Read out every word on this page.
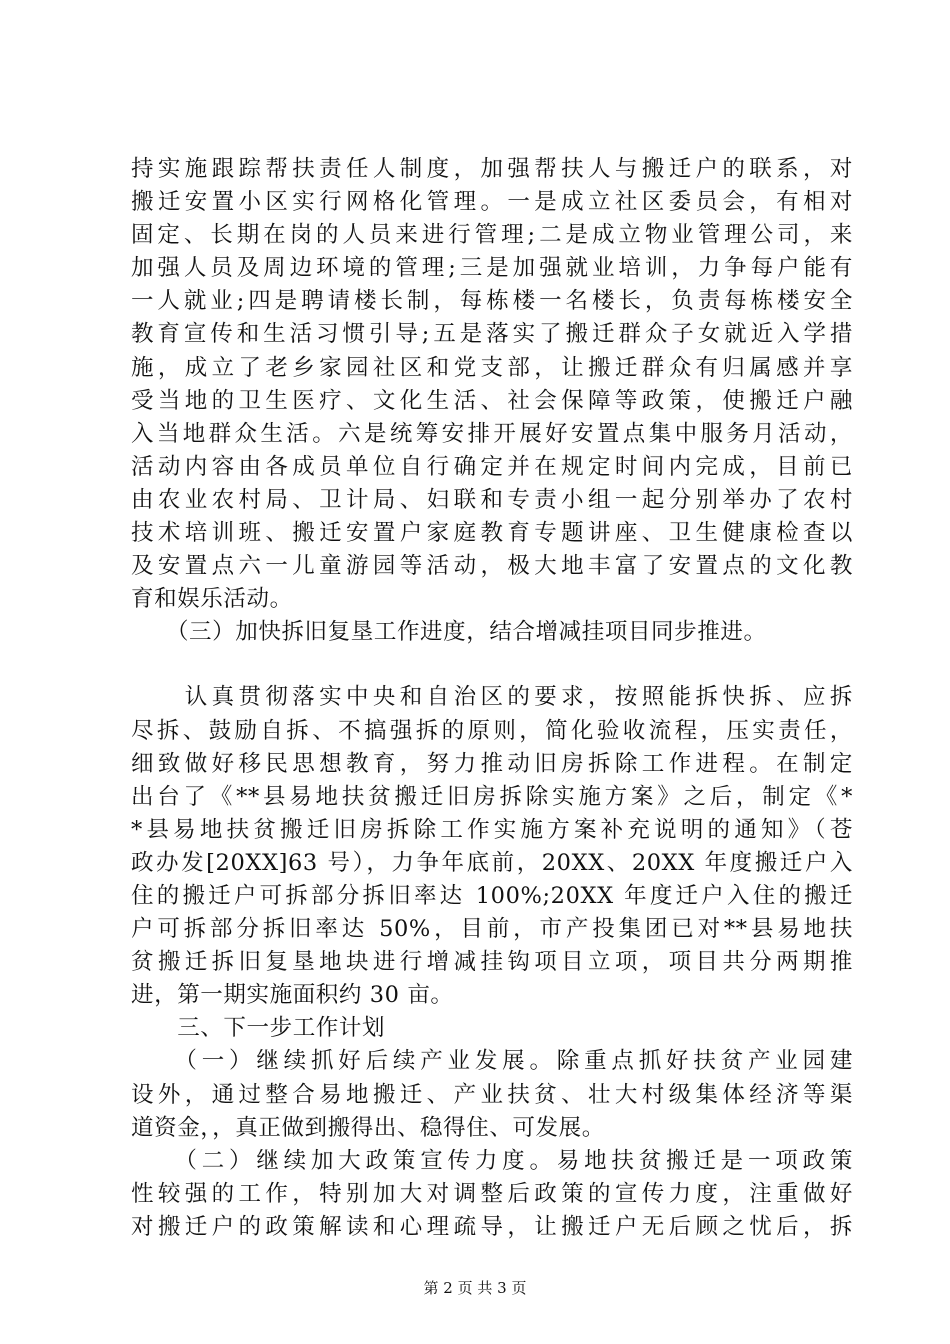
持实施跟踪帮扶责任人制度，加强帮扶人与搬迁户的联系，对
搬迁安置小区实行网格化管理。一是成立社区委员会，有相对
固定、长期在岗的人员来进行管理;二是成立物业管理公司，来
加强人员及周边环境的管理;三是加强就业培训，力争每户能有
一人就业;四是聘请楼长制，每栋楼一名楼长，负责每栋楼安全
教育宣传和生活习惯引导;五是落实了搬迁群众子女就近入学措
施，成立了老乡家园社区和党支部，让搬迁群众有归属感并享
受当地的卫生医疗、文化生活、社会保障等政策，使搬迁户融
入当地群众生活。六是统筹安排开展好安置点集中服务月活动，
活动内容由各成员单位自行确定并在规定时间内完成，目前已
由农业农村局、卫计局、妇联和专责小组一起分别举办了农村
技术培训班、搬迁安置户家庭教育专题讲座、卫生健康检查以
及安置点六一儿童游园等活动，极大地丰富了安置点的文化教
育和娱乐活动。
　　（三）加快拆旧复垦工作进度，结合增减挂项目同步推进。
　　认真贯彻落实中央和自治区的要求，按照能拆快拆、应拆
尽拆、鼓励自拆、不搞强拆的原则，简化验收流程，压实责任，
细致做好移民思想教育，努力推动旧房拆除工作进程。在制定
出台了《**县易地扶贫搬迁旧房拆除实施方案》之后，制定《*
*县易地扶贫搬迁旧房拆除工作实施方案补充说明的通知》（苍
政办发[20XX]63 号），力争年底前，20XX、20XX 年度搬迁户入
住的搬迁户可拆部分拆旧率达 100%;20XX 年度迁户入住的搬迁
户可拆部分拆旧率达 50%，目前，市产投集团已对**县易地扶
贫搬迁拆旧复垦地块进行增减挂钩项目立项，项目共分两期推
进，第一期实施面积约 30 亩。
　　三、下一步工作计划
　　（一）继续抓好后续产业发展。除重点抓好扶贫产业园建
设外，通过整合易地搬迁、产业扶贫、壮大村级集体经济等渠
道资金，，真正做到搬得出、稳得住、可发展。
　　（二）继续加大政策宣传力度。易地扶贫搬迁是一项政策
性较强的工作，特别加大对调整后政策的宣传力度，注重做好
对搬迁户的政策解读和心理疏导，让搬迁户无后顾之忧后，拆
第 2 页 共 3 页
